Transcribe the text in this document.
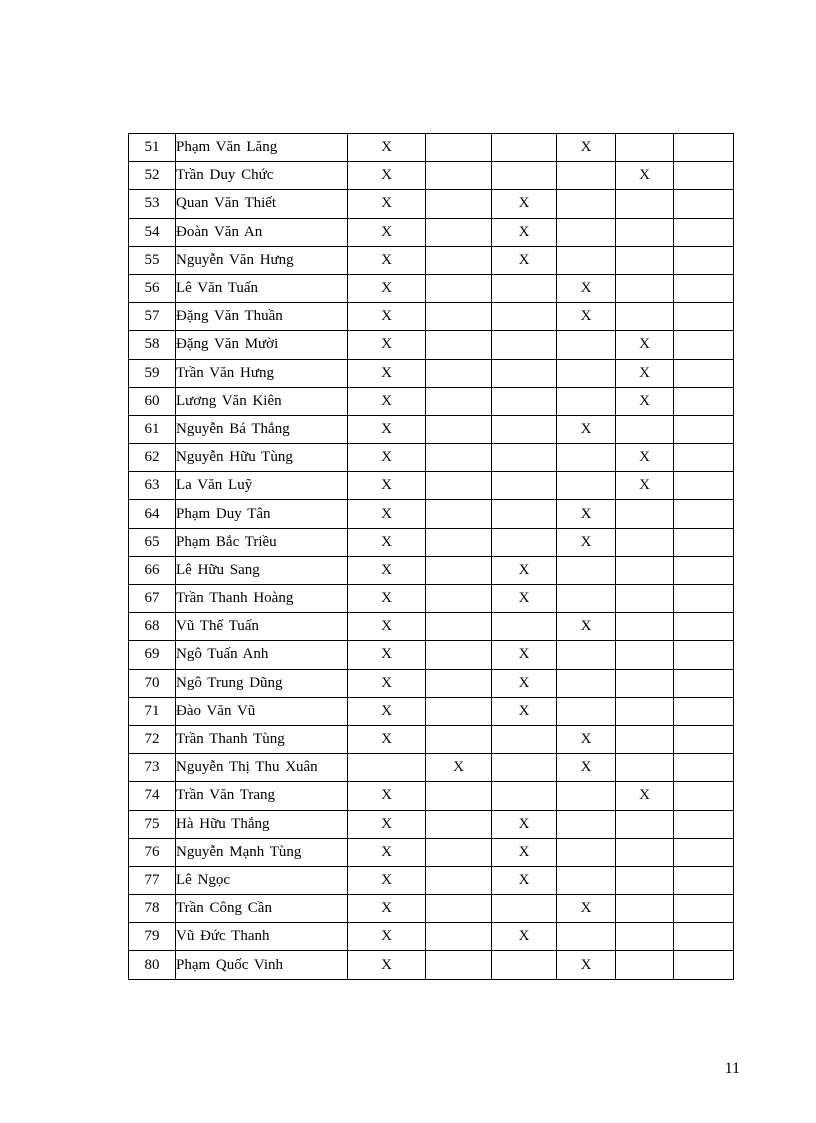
51	Phạm Văn Lăng	X			X		
52	Trần Duy Chức	X				X	
53	Quan Văn Thiết	X		X			
54	Đoàn Văn An	X		X			
55	Nguyễn Văn Hưng	X		X			
56	Lê Văn Tuấn	X			X		
57	Đặng Văn Thuần	X			X		
58	Đặng Văn Mười	X				X	
59	Trần Văn Hưng	X				X	
60	Lương Văn Kiên	X				X	
61	Nguyễn Bá Thắng	X			X		
62	Nguyễn Hữu Tùng	X				X	
63	La Văn Luỹ	X				X	
64	Phạm Duy Tân	X			X		
65	Phạm Bắc Triều	X			X		
66	Lê Hữu Sang	X		X			
67	Trần Thanh Hoàng	X		X			
68	Vũ Thế Tuấn	X			X		
69	Ngô Tuấn Anh	X		X			
70	Ngô Trung Dũng	X		X			
71	Đào Văn Vũ	X		X			
72	Trần Thanh Tùng	X			X		
73	Nguyễn Thị Thu Xuân		X		X		
74	Trần Văn Trang	X				X	
75	Hà Hữu Thắng	X		X			
76	Nguyễn Mạnh Tùng	X		X			
77	Lê Ngọc	X		X			
78	Trần Công Cần	X			X		
79	Vũ Đức Thanh	X		X			
80	Phạm Quốc Vinh	X			X		
11
